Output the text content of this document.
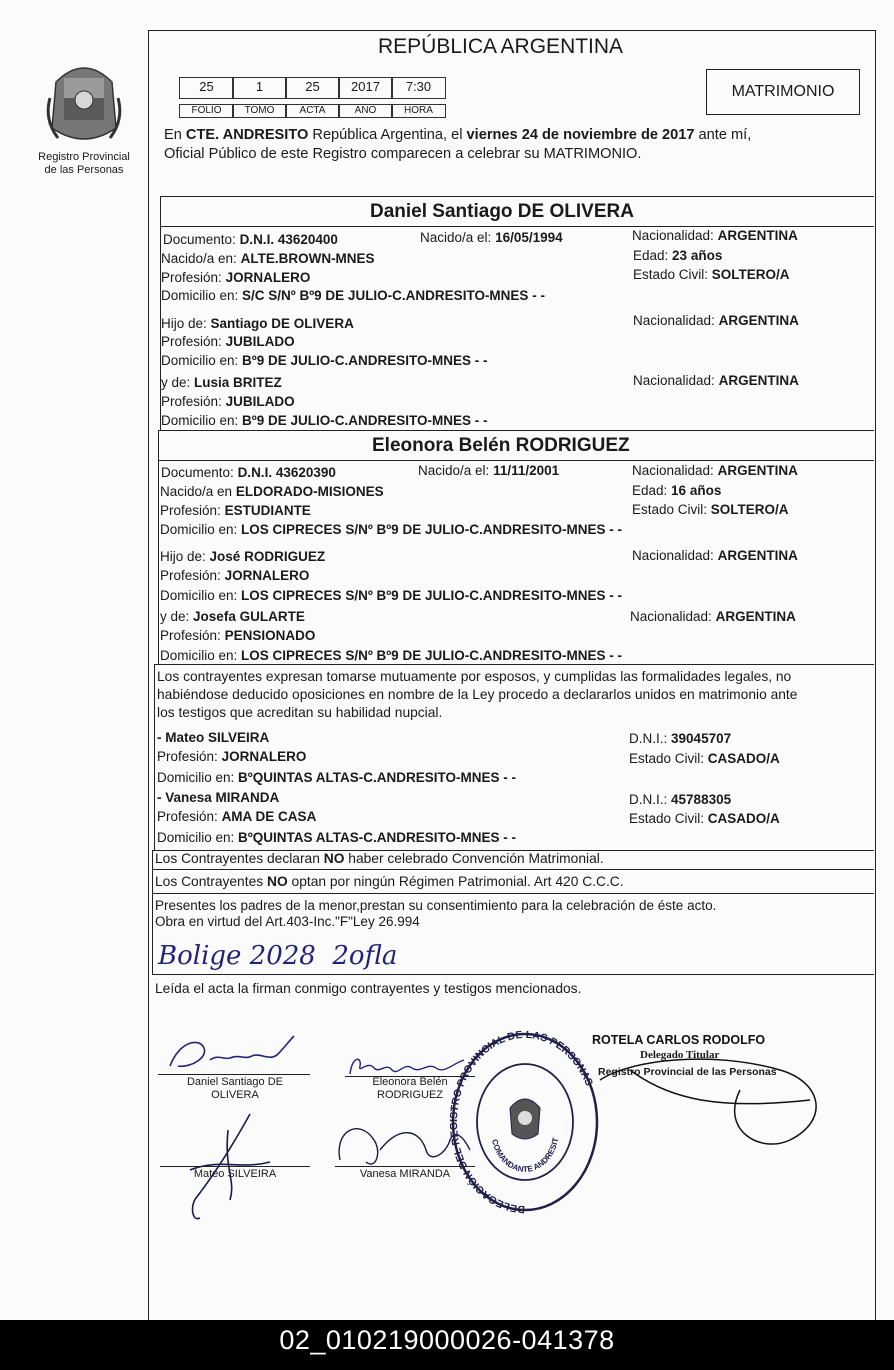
PROVINCIA DE MISIONES
Registro Provincial
de las Personas
REPÚBLICA ARGENTINA
25	1	25	2017	7:30
FOLIO	TOMO	ACTA	AÑO	HORA
MATRIMONIO
En CTE. ANDRESITO República Argentina, el viernes 24 de noviembre de 2017 ante mí,
Oficial Público de este Registro comparecen a celebrar su MATRIMONIO.
Daniel Santiago DE OLIVERA
Documento: D.N.I. 43620400	Nacido/a el: 16/05/1994	Nacionalidad: ARGENTINA
Nacido/a en: ALTE.BROWN-MNES	Edad: 23 años
Profesión: JORNALERO	Estado Civil: SOLTERO/A
Domicilio en: S/C S/Nº Bº9 DE JULIO-C.ANDRESITO-MNES - -
Hijo de: Santiago DE OLIVERA	Nacionalidad: ARGENTINA
Profesión: JUBILADO
Domicilio en: Bº9 DE JULIO-C.ANDRESITO-MNES - -
y de: Lusia BRITEZ	Nacionalidad: ARGENTINA
Profesión: JUBILADO
Domicilio en: Bº9 DE JULIO-C.ANDRESITO-MNES - -
Eleonora Belén RODRIGUEZ
Documento: D.N.I. 43620390	Nacido/a el: 11/11/2001	Nacionalidad: ARGENTINA
Nacido/a en ELDORADO-MISIONES	Edad: 16 años
Profesión: ESTUDIANTE	Estado Civil: SOLTERO/A
Domicilio en: LOS CIPRECES S/Nº Bº9 DE JULIO-C.ANDRESITO-MNES - -
Hijo de: José RODRIGUEZ	Nacionalidad: ARGENTINA
Profesión: JORNALERO
Domicilio en: LOS CIPRECES S/Nº Bº9 DE JULIO-C.ANDRESITO-MNES - -
y de: Josefa GULARTE	Nacionalidad: ARGENTINA
Profesión: PENSIONADO
Domicilio en: LOS CIPRECES S/Nº Bº9 DE JULIO-C.ANDRESITO-MNES - -
Los contrayentes expresan tomarse mutuamente por esposos, y cumplidas las formalidades legales, no
habiéndose deducido oposiciones en nombre de la Ley procedo a declararlos unidos en matrimonio ante
los testigos que acreditan su habilidad nupcial.
- Mateo SILVEIRA	D.N.I.: 39045707
Profesión: JORNALERO	Estado Civil: CASADO/A
Domicilio en: BºQUINTAS ALTAS-C.ANDRESITO-MNES - -
- Vanesa MIRANDA	D.N.I.: 45788305
Profesión: AMA DE CASA	Estado Civil: CASADO/A
Domicilio en: BºQUINTAS ALTAS-C.ANDRESITO-MNES - -
Los Contrayentes declaran NO haber celebrado Convención Matrimonial.
Los Contrayentes NO optan por ningún Régimen Patrimonial. Art 420 C.C.C.
Presentes los padres de la menor,prestan su consentimiento para la celebración de éste acto.
Obra en virtud del Art.403-Inc."F"Ley 26.994
Bolige 2028  2ofla
Leída el acta la firman conmigo contrayentes y testigos mencionados.
Daniel Santiago DE
OLIVERA
Eleonora Belén
RODRIGUEZ
Mateo SILVEIRA	Vanesa MIRANDA
DELEGACIÓN DEL R RO PROVINCIAL DE LAS PERSONAS
COMANDANTE ANDRESIT
ROTELA CARLOS RODOLFO
Delegado Titular
Registro Provincial de las Personas
02_010219000026-041378
